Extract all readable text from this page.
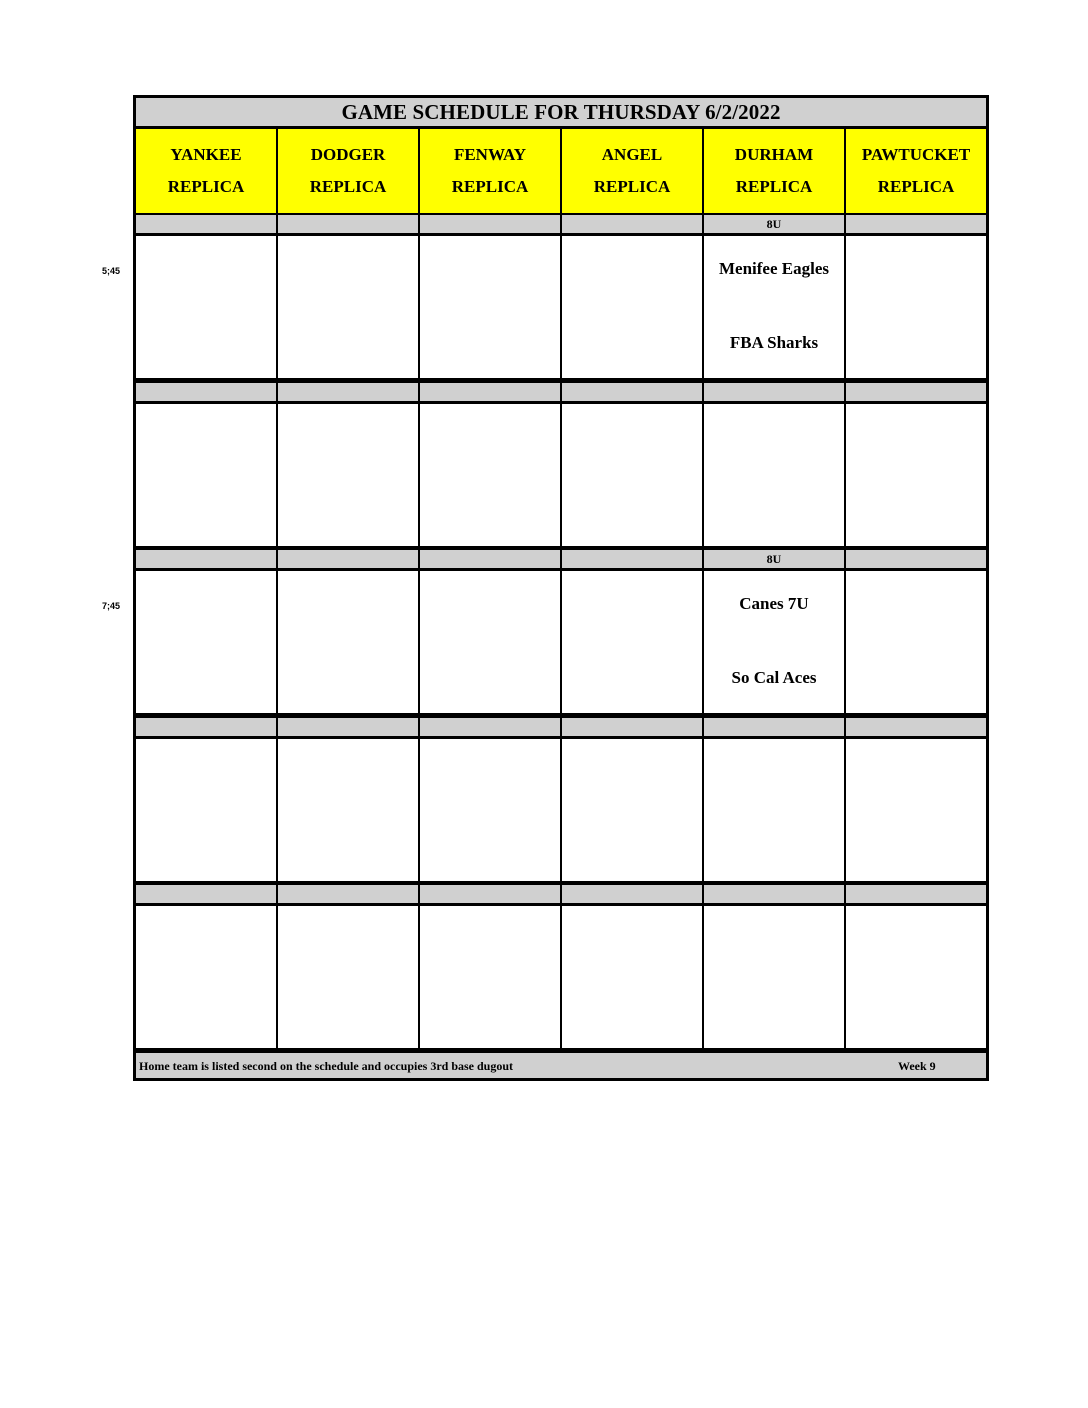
GAME SCHEDULE FOR THURSDAY 6/2/2022
YANKEE
REPLICA
DODGER
REPLICA
FENWAY
REPLICA
ANGEL
REPLICA
DURHAM
REPLICA
PAWTUCKET
REPLICA
8U
Menifee Eagles
FBA Sharks
8U
Canes 7U
So Cal Aces
Home team is listed second on the schedule and occupies 3rd base dugout	Week 9
5;45
7;45
